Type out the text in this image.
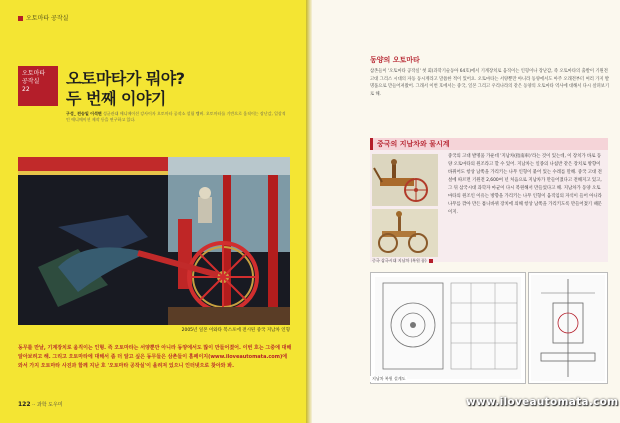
오토마타 공작실
오토마타
공작실
22
오토마타가 뭐야?
두 번째 이야기
구성_ 전승일 이석면 성균관대 애니메이션 강사이자 오토마타 공작소 설립 멤버. 오토마타를 기반으로 움직이는 장난감, 일상적인 애니메이션 제작 등을 연구하고 있다.
2005년 일본 이와타 복스포에 전시된 중국 지남차 인형
동무를 만날, 기계장치로 움직이는 인형. 즉 오토마타는 서양뿐만 아니라 동양에서도 많이 만들어졌어. 이번 호는 그중에 대해 알아보려고 해. 그리고 오토마타에 대해서 좀 더 알고 싶은 동무들은 삼촌들이 홈페이지(www.iloveautomata.com)에 와서 가지 오토마타 사진과 함께 지난 호 '오토마타 공작실'이 올려져 있으니 인터넷으로 찾아와 봐.
122 ·· 과학 도우미
동양의 오토마타
삼촌들이 '오토마타 공작실' 첫 회(과학기술동아 64호)에서 기계장치로 움직이는 인형이나 장난감, 즉 오토마타의 출발이 기원전 고대 그리스 시대의 자동 동시계라고 말씀한 적이 있어요. 오토마타는 서양뿐만 아니라 동양에서도 아주 오래전부터 여러 가지 발명품으로 만들어져왔어. 그래서 이번 호에서는 중국, 일본 그리고 우리나라의 같은 동양의 오토마타 역사에 대해서 다시 살펴보기로 해.
중국의 지남차와 물시계
중국 삼국시대 지남차 (복원 품)
중국의 고대 발명품 가운데 '지남차(指南車)'라는 것이 있는데, 이 장치가 바로 동양 오토마타의 원조라고 할 수 있어. 지남차는 일종의 나침반 같은 장치로 방향이 바뀌어도 항상 남쪽을 가리키는 나무 인형이 붙어 있는 수레를 말해. 중국 고대 전설에 따르면 기원전 2,600여 년 처음으로 지남차가 만들어졌다고 전해지고 있고, 그 뒤 삼국시대 과학자 마균이 다시 복원해서 만들었다고 해. 지남차가 동양 오토마타의 원조인 이유는 방향을 가리키는 나무 인형이 움직임의 자석이 들어 아니라 나무를 깎아 만든 톱니바퀴 장치에 의해 항상 남쪽을 가리키도록 만들어졌기 때문이지.
지남차 복원 설계도
www.iloveautomata.com
